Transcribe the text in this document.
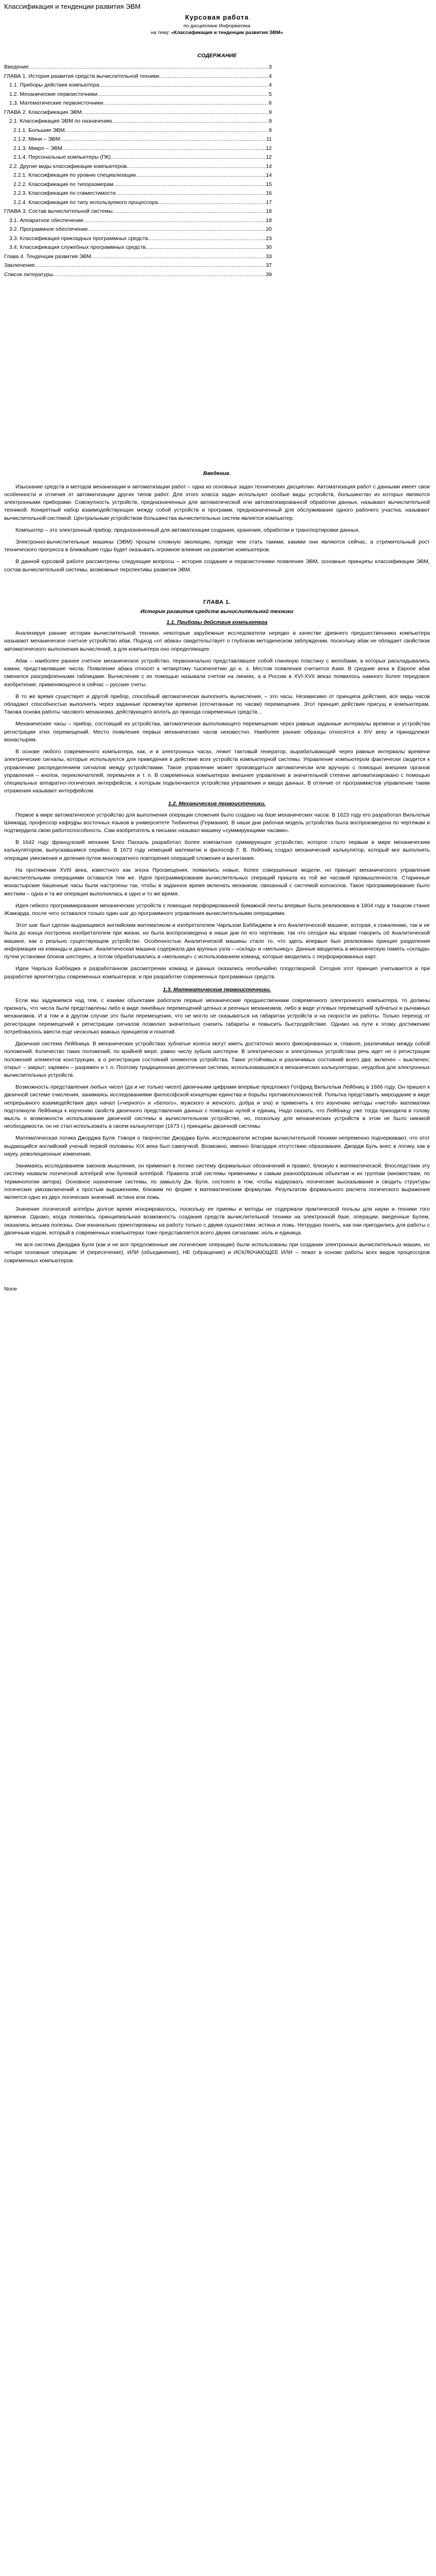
Классификация и тенденции развития ЭВМ

Курсовая работа

по дисциплине Информатика

на тему: «Классификация и тенденции развития ЭВМ»

СОДЕРЖАНИЕ
Введение .....	3
ГЛАВА 1. История развития средств вычислительной техники .....	4
1.1. Приборы действия компьютера .....	4
1.2. Механические первоисточники .....	5
1.3. Математические первоисточники .....	6
ГЛАВА 2. Классификация ЭВМ .....	9
2.1. Классификация ЭВМ по назначению .....	9
2.1.1. Большие ЭВМ .....	9
2.1.2. Мини – ЭВМ .....	11
2.1.3. Микро – ЭВМ .....	12
2.1.4. Персональные компьютеры (ПК) .....	12
2.2. Другие виды классификации компьютеров .....	14
2.2.1. Классификация по уровню специализации .....	14
2.2.2. Классификация по типоразмерам .....	15
2.2.3. Классификация по совместимости .....	16
2.2.4. Классификация по типу используемого процессора .....	17
ГЛАВА 3. Состав вычислительной системы .....	18
3.1. Аппаратное обеспечение .....	18
3.2. Программное обеспечение .....	20
3.3. Классификация прикладных программных средств .....	23
3.4. Классификация служебных программных средств .....	30
Глава 4. Тенденции развития ЭВМ .....	33
Заключение .....	37
Список литературы .....	39
Введение.

Изыскание средств и методов механизации и автоматизации работ – одна из основных задач технических дисциплин. Автоматизация работ с данными имеет свои особенности и отличия от автоматизации других типов работ. Для этого класса задач используют особые виды устройств, большинство из которых являются электронными приборами. Совокупность устройств, предназначенных для автоматической или автоматизированной обработки данных, называют вычислительной техникой. Конкретный набор взаимодействующих между собой устройств и программ, предназначенный для обслуживания одного рабочего участка, называют вычислительной системой. Центральным устройством большинства вычислительных систем является компьютер.

Компьютер – это электронный прибор, предназначенный для автоматизации создания, хранения, обработки и транспортировки данных.

Электронно-вычислительные машины (ЭВМ) прошли сложную эволюцию, прежде чем стать такими, какими они являются сейчас, а стремительный рост технического прогресса в ближайшие годы будет оказывать огромное влияние на развитие компьютеров.

В данной курсовой работе рассмотрены следующие вопросы – история создания и первоисточники появления ЭВМ, основные принципы классификации ЭВМ, состав вычислительной системы, возможные перспективы развития ЭВМ.

ГЛАВА 1.
История развития средств вычислительной техники
1.1. Приборы действия компьютера

Анализируя ранние истории вычислительной техники, некоторые зарубежные исследователи нередко в качестве древнего предшественника компьютера называют механическое счетное устройство абак. Подход «от абака» свидетельствует о глубоком методическом заблуждении, поскольку абак не обладает свойством автоматического выполнения вычислений, а для компьютера оно определяющее.

Абак – наиболее раннее счетное механическое устройство, первоначально представлявшее собой глиняную пластину с желобами, в которых раскладывались камни, представлявшие числа. Появление абака относят к четвертому тысячелетию до н. э. Местом появления считается Азия. В средние века в Европе абак сменился разграфленными таблицами. Вычисления с их помощью называли счетом на линиях, а в России в XVI-XVII веках появилось намного более передовое изобретение, применяющееся и сейчас – русские счеты.

В то же время существует и другой прибор, способный автоматически выполнять вычисления, – это часы. Независимо от принципа действия, все виды часов обладают способностью выполнять через заданные промежутки времени (отсчитанные по часам) перемещения. Этот принцип действия присущ и компьютерам. Такова основа работы часового механизма, действующего вплоть до прихода современных средств...

Механические часы – прибор, состоящий из устройства, автоматически выполняющего перемещения через равные заданные интервалы времени и устройства регистрации этих перемещений. Место появления первых механических часов неизвестно. Наиболее ранние образцы относятся к XIV веку и принадлежат монастырям.

В основе любого современного компьютера, как, и в электронных часах, лежит тактовый генератор, вырабатывающий через равные интервалы времени электрические сигналы, которые используются для приведения в действие всех устройств компьютерной системы. Управление компьютером фактически сводится к управлению распределением сигналов между устройствами. Такое управление может производиться автоматически или вручную с помощью внешних органов управления – кнопок, переключателей, перемычек и т. п. В современных компьютерах внешнее управление в значительной степени автоматизировано с помощью специальных аппаратно-логических интерфейсов, к которым подключаются устройства управления и ввода данных. В отличие от программистов управление таким отражения называют интерфейсом.

1.2. Механические первоисточники.

Первое в мире автоматическое устройство для выполнения операции сложения было создано на базе механических часов. В 1623 году его разработал Вильгельм Шиккард, профессор кафедры восточных языков в университете Тюбингена (Германия). В наши дни рабочая модель устройства была воспроизведена по чертежам и подтвердила свою работоспособность. Сам изобретатель в письмах называл машину «суммирующими часами».

В 1642 году французский механик Блез Паскаль разработал более компактное суммирующее устройство, которое стало первым в мире механическим калькулятором, выпускавшимся серийно. В 1673 году немецкий математик и философ Г. В. Лейбниц создал механический калькулятор, который мог выполнять операции умножения и деления путем многократного повторения операций сложения и вычитания.

На протяжении XVIII века, известного как эпоха Просвещения, появились новые, более совершенные модели, но принцип механического управления вычислительными операциями оставался тем же. Идея программирования вычислительных операций пришла из той же часовой промышленности. Старинные монастырские башенные часы были настроены так, чтобы в заданное время включать механизм, связанный с системой колоколов. Такое программирование было жестким – одна и та же операция выполнялась в одно и то же время.

Идея гибкого программирования механических устройств с помощью перфорированной бумажной ленты впервые была реализована в 1804 году в ткацком станке Жаккарда, после чего оставался только один шаг до программного управления вычислительными операциями.

Этот шаг был сделан выдающимся английским математиком и изобретателем Чарльзом Бэббиджем в его Аналитической машине, которая, к сожалению, так и не была до конца построена изобретателем при жизни, но была воспроизведена в наши дни по его чертежам, так что сегодня мы вправе говорить об Аналитической машине, как о реально существующем устройстве. Особенностью Аналитической машины стало то, что здесь впервые был реализован принцип разделения информации на команды и данные. Аналитическая машина содержала два крупных узла – «склад» и «мельницу». Данные вводились в механическую память «склада» путем установки блоков шестерен, а потом обрабатывались в «мельнице» с использованием команд, которые вводились с перфорированных карт.

Идеи Чарльза Бэббиджа в разработанном рассмотрении команд и данных оказались необычайно плодотворной. Сегодня этот принцип учитывается и при разработке архитектуры современных компьютеров, и при разработке современных программных средств.

1.3. Математические первоисточники.

Если мы задумаемся над тем, с какими объектами работали первые механические предшественники современного электронного компьютера, то должны признать, что числа были представлены либо в виде линейных перемещений цепных и реечных механизмов, либо в виде угловых перемещений зубчатых и рычажных механизмов. И в том и в другом случае это были перемещения, что не могло не сказываться на габаритах устройств и на скорости их работы. Только переход от регистрации перемещений к регистрации сигналов позволил значительно снизить габариты и повысить быстродействие. Однако на пути к этому достижению потребовалось ввести еще несколько важных принципов и понятий.

Двоичная система Лейбница. В механических устройствах зубчатые колеса могут иметь достаточно много фиксированных и, главное, различимых между собой положений. Количество таких положений, по крайней мере, равно числу зубьев шестерни. В электрических и электронных устройствах речь идет не о регистрации положений элементов конструкции, а о регистрации состояний элементов устройства. Таких устойчивых и различимых состояний всего два: включен – выключен; открыт – закрыт; заряжен – разряжен и т. п. Поэтому традиционная десятичная система, использовавшаяся в механических калькуляторах, неудобна для электронных вычислительных устройств.

Возможность представления любых чисел (да и не только чисел) двоичными цифрами впервые предложил Готфрид Вильгельм Лейбниц в 1666 году. Он пришел к двоичной системе счисления, занимаясь исследованиями философской концепции единства и борьбы противоположностей. Попытка представить мироздание в виде непрерывного взаимодействия двух начал («черного» и «белого», мужского и женского, добра и зла) и применить к его изучению методы «чистой» математики подтолкнули Лейбница к изучению свойств двоичного представления данных с помощью нулей и единиц. Надо сказать, что Лейбницу уже тогда приходила в голову мысль о возможности использования двоичной системы в вычислительном устройстве, но, поскольку для механических устройств в этом не было никакой необходимости, он не стал использовать в своем калькуляторе (1673 г.) принципы двоичной системы.

Математическая логика Джорджа Буля. Говоря о творчестве Джорджа Буля, исследователи истории вычислительной техники непременно подчеркивают, что этот выдающийся английский ученый первой половины XIX века был самоучкой. Возможно, именно благодаря отсутствию образования, Джордж Буль внес в логику, как в науку, революционные изменения.

Занимаясь исследованием законов мышления, он применил в логике систему формальных обозначений и правил, близкую к математической. Впоследствии эту систему назвали логической алгеброй или булевой алгеброй. Правила этой системы применимы к самым разнообразным объектам и их группам (множествам, по терминологии автора). Основное назначение системы, по замыслу Дж. Буля, состояло в том, чтобы кодировать логические высказывания и сводить структуры логических умозаключений к простым выражениям, близким по форме к математическим формулам. Результатом формального расчета логического выражения является одно из двух логических значений: истина или ложь.

Значение логической алгебры долгое время игнорировалось, поскольку ее приемы и методы не содержали практической пользы для науки и техники того времени. Однако, когда появилась принципиальная возможность создания средств вычислительной техники на электронной базе, операции, введенные Булем, оказались весьма полезны. Они изначально ориентированы на работу только с двумя сущностями: истина и ложь. Нетрудно понять, как они пригодились для работы с двоичным кодом, который в современных компьютерах тоже представляется всего двумя сигналами: ноль и единица.

Не вся система Джорджа Буля (как и не все предложенные им логические операции) были использованы при создании электронных вычислительных машин, но четыре основные операции: И (пересечение), ИЛИ (объединение), НЕ (обращение) и ИСКЛЮЧАЮЩЕЕ ИЛИ – лежат в основе работы всех видов процессоров современных компьютеров.

None
